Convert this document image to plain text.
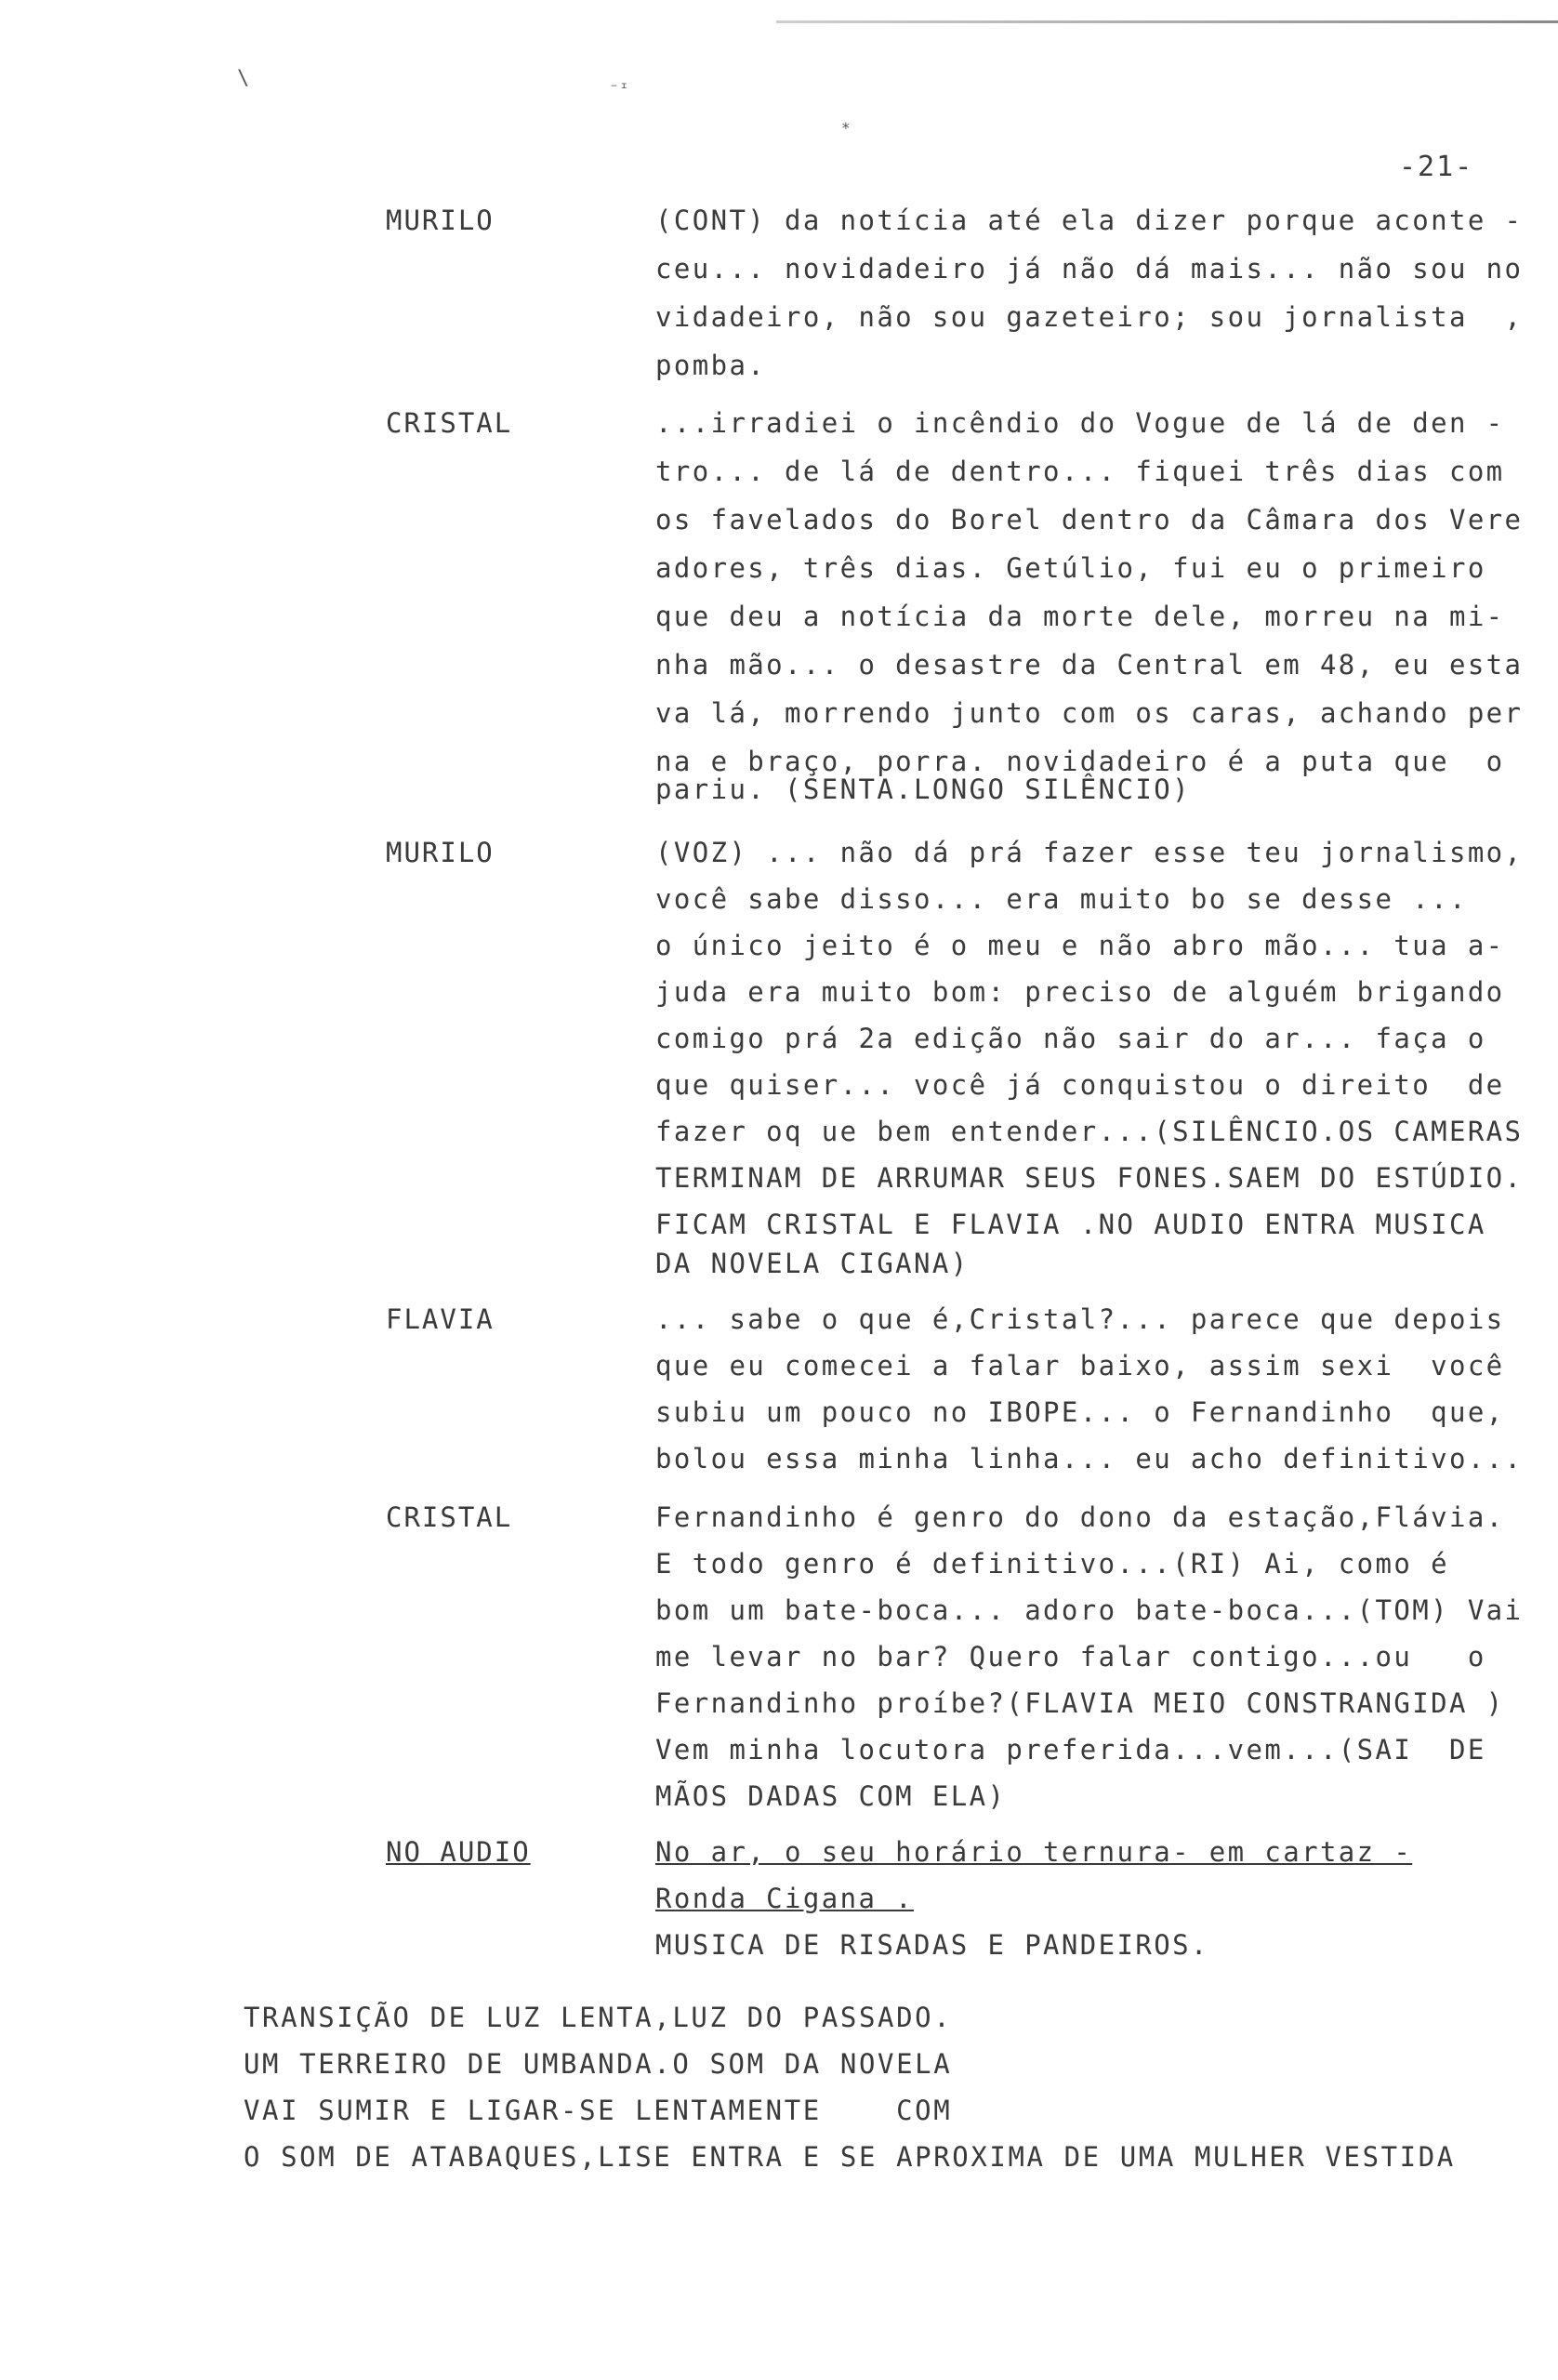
\	⁻ᶦ
*
-21-
MURILO	(CONT) da notícia até ela dizer porque aconte -
ceu... novidadeiro já não dá mais... não sou no
vidadeiro, não sou gazeteiro; sou jornalista  ,
pomba.
CRISTAL	...irradiei o incêndio do Vogue de lá de den -
tro... de lá de dentro... fiquei três dias com
os favelados do Borel dentro da Câmara dos Vere
adores, três dias. Getúlio, fui eu o primeiro
que deu a notícia da morte dele, morreu na mi-
nha mão... o desastre da Central em 48, eu esta
va lá, morrendo junto com os caras, achando per
na e braço, porra. novidadeiro é a puta que  o
pariu. (SENTA.LONGO SILÊNCIO)
MURILO	(VOZ) ... não dá prá fazer esse teu jornalismo,
você sabe disso... era muito bo se desse ...
o único jeito é o meu e não abro mão... tua a-
juda era muito bom: preciso de alguém brigando
comigo prá 2a edição não sair do ar... faça o
que quiser... você já conquistou o direito  de
fazer oq ue bem entender...(SILÊNCIO.OS CAMERAS
TERMINAM DE ARRUMAR SEUS FONES.SAEM DO ESTÚDIO.
FICAM CRISTAL E FLAVIA .NO AUDIO ENTRA MUSICA
DA NOVELA CIGANA)
FLAVIA	... sabe o que é,Cristal?... parece que depois
que eu comecei a falar baixo, assim sexi  você
subiu um pouco no IBOPE... o Fernandinho  que,
bolou essa minha linha... eu acho definitivo...
CRISTAL	Fernandinho é genro do dono da estação,Flávia.
E todo genro é definitivo...(RI) Ai, como é
bom um bate-boca... adoro bate-boca...(TOM) Vai
me levar no bar? Quero falar contigo...ou   o
Fernandinho proíbe?(FLAVIA MEIO CONSTRANGIDA )
Vem minha locutora preferida...vem...(SAI  DE
MÃOS DADAS COM ELA)
NO AUDIO	No ar, o seu horário ternura- em cartaz -
Ronda Cigana .
MUSICA DE RISADAS E PANDEIROS.
TRANSIÇÃO DE LUZ LENTA,LUZ DO PASSADO.
UM TERREIRO DE UMBANDA.O SOM DA NOVELA
VAI SUMIR E LIGAR-SE LENTAMENTE    COM
O SOM DE ATABAQUES,LISE ENTRA E SE APROXIMA DE UMA MULHER VESTIDA
